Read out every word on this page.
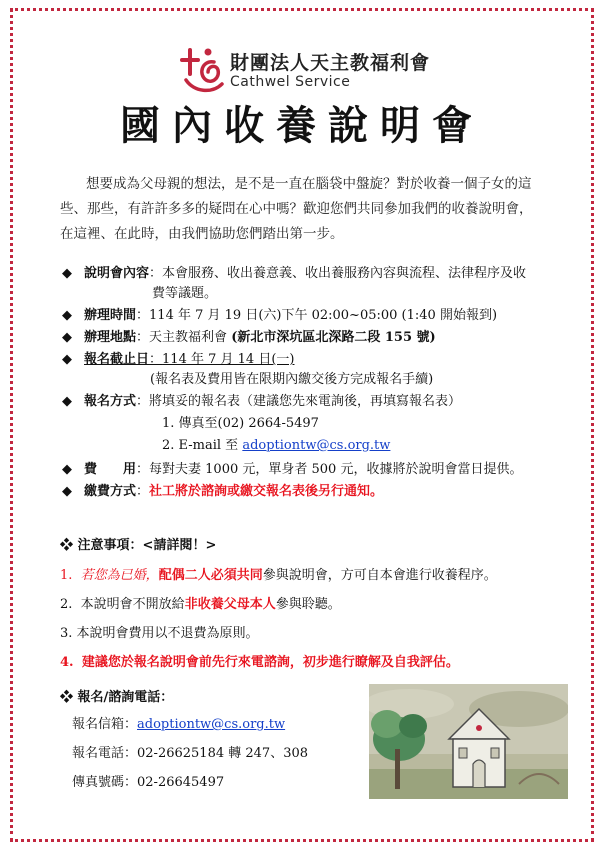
財團法人天主教福利會
Cathwel Service
國內收養說明會
想要成為父母親的想法，是不是一直在腦袋中盤旋？對於收養一個子女的這
些、那些，有許許多多的疑問在心中嗎？歡迎您們共同參加我們的收養說明會，
在這裡、在此時，由我們協助您們踏出第一步。
◆ 說明會內容：本會服務、收出養意義、收出養服務內容與流程、法律程序及收
費等議題。
◆ 辦理時間：114 年 7 月 19 日(六)下午 02:00~05:00 (1:40 開始報到)
◆ 辦理地點：天主教福利會 (新北市深坑區北深路二段 155 號)
◆ 報名截止日：114 年 7 月 14 日(一)
(報名表及費用皆在限期內繳交後方完成報名手續)
◆ 報名方式：將填妥的報名表（建議您先來電詢後，再填寫報名表）
1. 傳真至(02) 2664-5497
2. E-mail 至 adoptiontw@cs.org.tw
◆ 費　　用：每對夫妻 1000 元，單身者 500 元，收據將於說明會當日提供。
◆ 繳費方式：社工將於諮詢或繳交報名表後另行通知。
❖ 注意事項：<請詳閱！>
1. 若您為已婚，配偶二人必須共同參與說明會，方可自本會進行收養程序。
2. 本說明會不開放給非收養父母本人參與聆聽。
3. 本說明會費用以不退費為原則。
4. 建議您於報名說明會前先行來電諮詢，初步進行瞭解及自我評估。
❖ 報名/諮詢電話：
報名信箱：adoptiontw@cs.org.tw
報名電話：02-26625184 轉 247、308
傳真號碼：02-26645497
